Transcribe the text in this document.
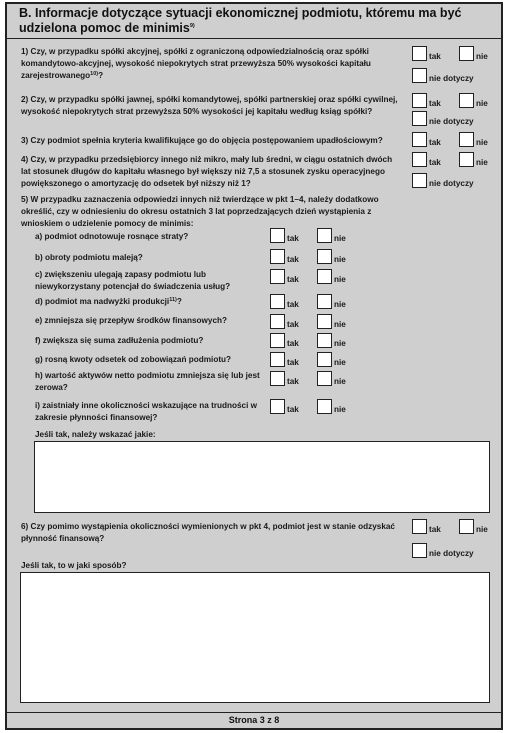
B. Informacje dotyczące sytuacji ekonomicznej podmiotu, któremu ma być udzielona pomoc de minimis$^{9)}$
1) Czy, w przypadku spółki akcyjnej, spółki z ograniczoną odpowiedzialnością oraz spółki komandytowo-akcyjnej, wysokość niepokrytych strat przewyższa 50% wysokości kapitału zarejestrowanego$^{10)}$?
tak	nie
nie dotyczy
2) Czy, w przypadku spółki jawnej, spółki komandytowej, spółki partnerskiej oraz spółki cywilnej, wysokość niepokrytych strat przewyższa 50% wysokości jej kapitału według ksiąg spółki?
tak	nie
nie dotyczy
3) Czy podmiot spełnia kryteria kwalifikujące go do objęcia postępowaniem upadłościowym?	tak	nie
4) Czy, w przypadku przedsiębiorcy innego niż mikro, mały lub średni, w ciągu ostatnich dwóch lat stosunek długów do kapitału własnego był większy niż 7,5 a stosunek zysku operacyjnego powiększonego o amortyzację do odsetek był niższy niż 1?
tak	nie
nie dotyczy
5) W przypadku zaznaczenia odpowiedzi innych niż twierdzące w pkt 1–4, należy dodatkowo określić, czy w odniesieniu do okresu ostatnich 3 lat poprzedzających dzień wystąpienia z wnioskiem o udzielenie pomocy de minimis:
a) podmiot odnotowuje rosnące straty?	tak	nie
b) obroty podmiotu maleją?	tak	nie
c) zwiększeniu ulegają zapasy podmiotu lub niewykorzystany potencjał do świadczenia usług?
tak	nie
d) podmiot ma nadwyżki produkcji$^{11)}$?	tak	nie
e) zmniejsza się przepływ środków finansowych?	tak	nie
f) zwiększa się suma zadłużenia podmiotu?	tak	nie
g) rosną kwoty odsetek od zobowiązań podmiotu?	tak	nie
h) wartość aktywów netto podmiotu zmniejsza się lub jest zerowa?
tak	nie
i) zaistniały inne okoliczności wskazujące na trudności w zakresie płynności finansowej?
tak	nie
Jeśli tak, należy wskazać jakie:
6) Czy pomimo wystąpienia okoliczności wymienionych w pkt 4, podmiot jest w stanie odzyskać płynność finansową?
tak	nie
nie dotyczy
Jeśli tak, to w jaki sposób?
Strona 3 z 8
